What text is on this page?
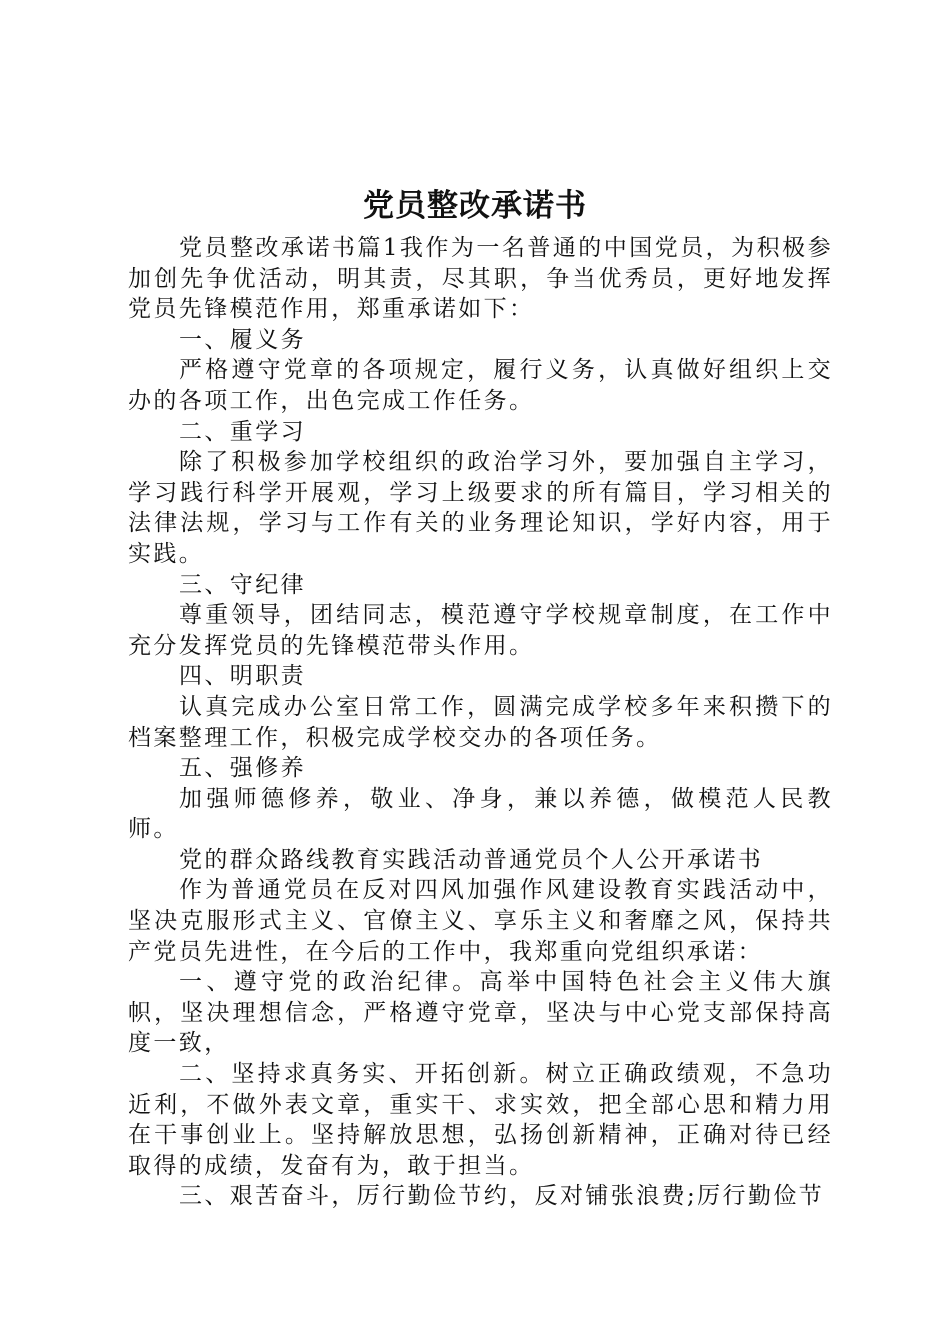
党员整改承诺书

党员整改承诺书篇1我作为一名普通的中国党员，为积极参加创先争优活动，明其责，尽其职，争当优秀员，更好地发挥党员先锋模范作用，郑重承诺如下：

一、履义务

严格遵守党章的各项规定，履行义务，认真做好组织上交办的各项工作，出色完成工作任务。

二、重学习

除了积极参加学校组织的政治学习外，要加强自主学习，学习践行科学开展观，学习上级要求的所有篇目，学习相关的法律法规，学习与工作有关的业务理论知识，学好内容，用于实践。

三、守纪律

尊重领导，团结同志，模范遵守学校规章制度，在工作中充分发挥党员的先锋模范带头作用。

四、明职责

认真完成办公室日常工作，圆满完成学校多年来积攒下的档案整理工作，积极完成学校交办的各项任务。

五、强修养

加强师德修养，敬业、净身，兼以养德，做模范人民教师。

党的群众路线教育实践活动普通党员个人公开承诺书

作为普通党员在反对四风加强作风建设教育实践活动中，坚决克服形式主义、官僚主义、享乐主义和奢靡之风，保持共产党员先进性，在今后的工作中，我郑重向党组织承诺：

一、遵守党的政治纪律。高举中国特色社会主义伟大旗帜，坚决理想信念，严格遵守党章，坚决与中心党支部保持高度一致，

二、坚持求真务实、开拓创新。树立正确政绩观，不急功近利，不做外表文章，重实干、求实效，把全部心思和精力用在干事创业上。坚持解放思想，弘扬创新精神，正确对待已经取得的成绩，发奋有为，敢于担当。

三、艰苦奋斗，厉行勤俭节约，反对铺张浪费;厉行勤俭节
